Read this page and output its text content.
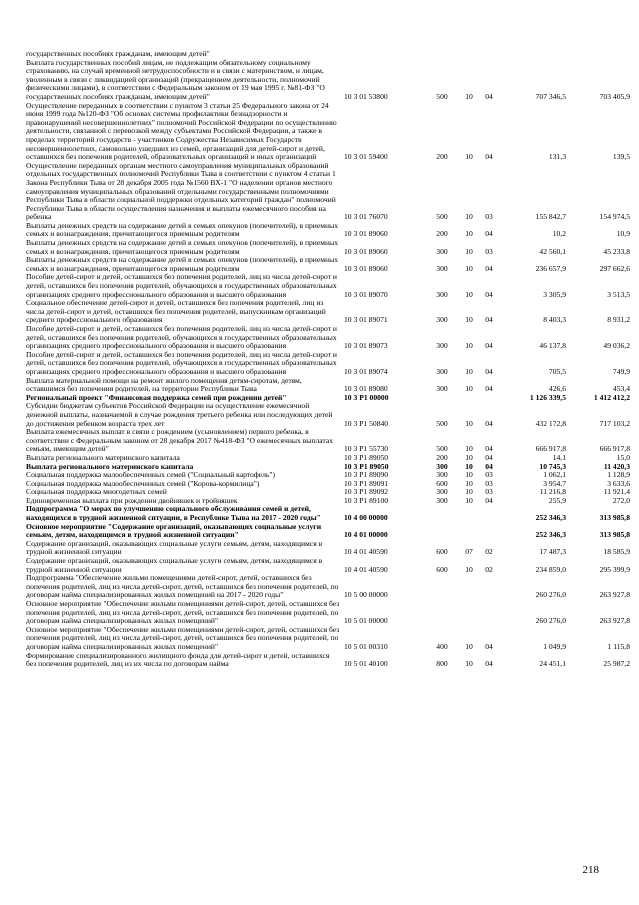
государственных пособиях гражданам, имеющим детей"
Выплата государственных пособий лицам, не подлежащим обязательному социальному страхованию, на случай временной нетрудоспособности и в связи с материнством, и лицам, уволенным в связи с ликвидацией организаций (прекращением деятельности, полномочий физическими лицами), в соответствии с Федеральным законом от 19 мая 1995 г. №81-ФЗ "О государственных пособиях гражданам, имеющим детей"	10 3 01 53800	500	10	04	707 346,5	703 405,9
Осуществление переданных в соответствии с пунктом 3 статьи 25 Федерального закона от 24 июня 1999 года №120-ФЗ "Об основах системы профилактики безнадзорности и правонарушений несовершеннолетних" полномочий Российской Федерации по осуществлению деятельности, связанной с перевозкой между субъектами Российской Федерации, а также в пределах территорий государств - участников Содружества Независимых Государств несовершеннолетних, самовольно ушедших из семей, организаций для детей-сирот и детей, оставшихся без попечения родителей, образовательных организаций и иных организаций	10 3 01 59400	200	10	04	131,3	139,5
Осуществление переданных органам местного самоуправления муниципальных образований отдельных государственных полномочий Республики Тыва в соответствии с пунктом 4 статьи 1 Закона Республики Тыва от 28 декабря 2005 года №1560 ВХ-1 "О наделении органов местного самоуправления муниципальных образований отдельными государственными полномочиями Республики Тыва в области социальной поддержки отдельных категорий граждан" полномочий Республики Тыва в области осуществления назначения и выплаты ежемесячного пособия на ребенка	10 3 01 76070	500	10	03	155 842,7	154 974,5
Выплаты денежных средств на содержание детей в семьях опекунов (попечителей), в приемных семьях и вознаграждения, причитающегося приемным родителям	10 3 01 89060	200	10	04	10,2	10,9
Выплаты денежных средств на содержание детей в семьях опекунов (попечителей), в приемных семьях и вознаграждения, причитающегося приемным родителям	10 3 01 89060	300	10	03	42 560,1	45 233,8
Выплаты денежных средств на содержание детей в семьях опекунов (попечителей), в приемных семьях и вознаграждения, причитающегося приемным родителям	10 3 01 89060	300	10	04	236 657,9	297 662,6
Пособие детей-сирот и детей, оставшихся без попечения родителей, лиц из числа детей-сирот и детей, оставшихся без попечения родителей, обучающихся в государственных образовательных организациях среднего профессионального образования и высшего образования	10 3 01 89070	300	10	04	3 305,9	3 513,5
Социальное обеспечение детей-сирот и детей, оставшихся без попечения родителей, лиц из числа детей-сирот и детей, оставшихся без попечения родителей, выпускникам организаций среднего профессионального образования	10 3 01 89071	300	10	04	8 403,3	8 931,2
Пособие детей-сирот и детей, оставшихся без попечения родителей, лиц из числа детей-сирот и детей, оставшихся без попечения родителей, обучающихся в государственных образовательных организациях среднего профессионального образования и высшего образования	10 3 01 89073	300	10	04	46 137,8	49 036,2
Пособие детей-сирот и детей, оставшихся без попечения родителей, лиц из числа детей-сирот и детей, оставшихся без попечения родителей, обучающихся в государственных образовательных организациях среднего профессионального образования и высшего образования	10 3 01 89074	300	10	04	705,5	749,9
Выплата материальной помощи на ремонт жилого помещения детям-сиротам, детям, оставшимся без попечения родителей, на территории Республики Тыва	10 3 01 89080	300	10	04	426,6	453,4
Региональный проект "Финансовая поддержка семей при рождении детей"	10 3 P1 00000	1 126 339,5	1 412 412,2
Субсидии бюджетам субъектов Российской Федерации на осуществление ежемесячной денежной выплаты, назначаемой в случае рождения третьего ребенка или последующих детей до достижения ребенком возраста трех лет	10 3 P1 50840	500	10	04	432 172,8	717 103,2
Выплата ежемесячных выплат в связи с рождением (усыновлением) первого ребенка, в соответствии с Федеральным законом от 28 декабря 2017 №418-ФЗ "О ежемесячных выплатах семьям, имеющим детей"	10 3 P1 55730	500	10	04	666 917,8	666 917,8
Выплата регионального материнского капитала	10 3 P1 89050	200	10	04	14,1	15,0
Выплата регионального материнского капитала	10 3 P1 89050	300	10	04	10 745,3	11 420,3
Социальная поддержка малообеспеченных семей ("Социальный картофель")	10 3 P1 89090	300	10	03	1 062,1	1 128,9
Социальная поддержка малообеспеченных семей ("Корова-кормилица")	10 3 P1 89091	600	10	03	3 954,7	3 633,6
Социальная поддержка многодетных семей	10 3 P1 89092	300	10	03	11 216,8	11 921,4
Единовременная выплата при рождении двойняшек и тройняшек	10 3 P1 89100	300	10	04	255,9	272,0
Подпрограмма "О мерах по улучшению социального обслуживания семей и детей, находящихся в трудной жизненной ситуации, в Республике Тыва на 2017 - 2020 годы"	10 4 00 00000	252 346,3	313 985,8
Основное мероприятие "Содержание организаций, оказывающих социальные услуги семьям, детям, находящимся в трудной жизненной ситуации"	10 4 01 00000	252 346,3	313 985,8
Содержание организаций, оказывающих социальные услуги семьям, детям, находящимся в трудной жизненной ситуации	10 4 01 40590	600	07	02	17 487,3	18 585,9
Содержание организаций, оказывающих социальные услуги семьям, детям, находящимся в трудной жизненной ситуации	10 4 01 40590	600	10	02	234 859,0	295 399,9
Подпрограмма "Обеспечение жильми помещениями детей-сирот, детей, оставшихся без попечения родителей, лиц из числа детей-сирот, детей, оставшихся без попечения родителей, по договорам найма специализированных жилых помещений на 2017 - 2020 годы"	10 5 00 00000	260 276,0	263 927,8
Основное мероприятие "Обеспечение жильми помещениями детей-сирот, детей, оставшихся без попечения родителей, лиц из числа детей-сирот, детей, оставшихся без попечения родителей, по договорам найма специализированных жилых помещений"	10 5 01 00000	260 276,0	263 927,8
Основное мероприятие "Обеспечение жильми помещениями детей-сирот, детей, оставшихся без попечения родителей, лиц из числа детей-сирот, детей, оставшихся без попечения родителей, по договорам найма специализированных жилых помещений"	10 5 01 00310	400	10	04	1 049,9	1 115,8
Формирование специализированного жилищного фонда для детей-сирот и детей, оставшихся без попечения родителей, лиц из их числа по договорам найма	10 5 01 40100	800	10	04	24 451,1	25 987,2
218
